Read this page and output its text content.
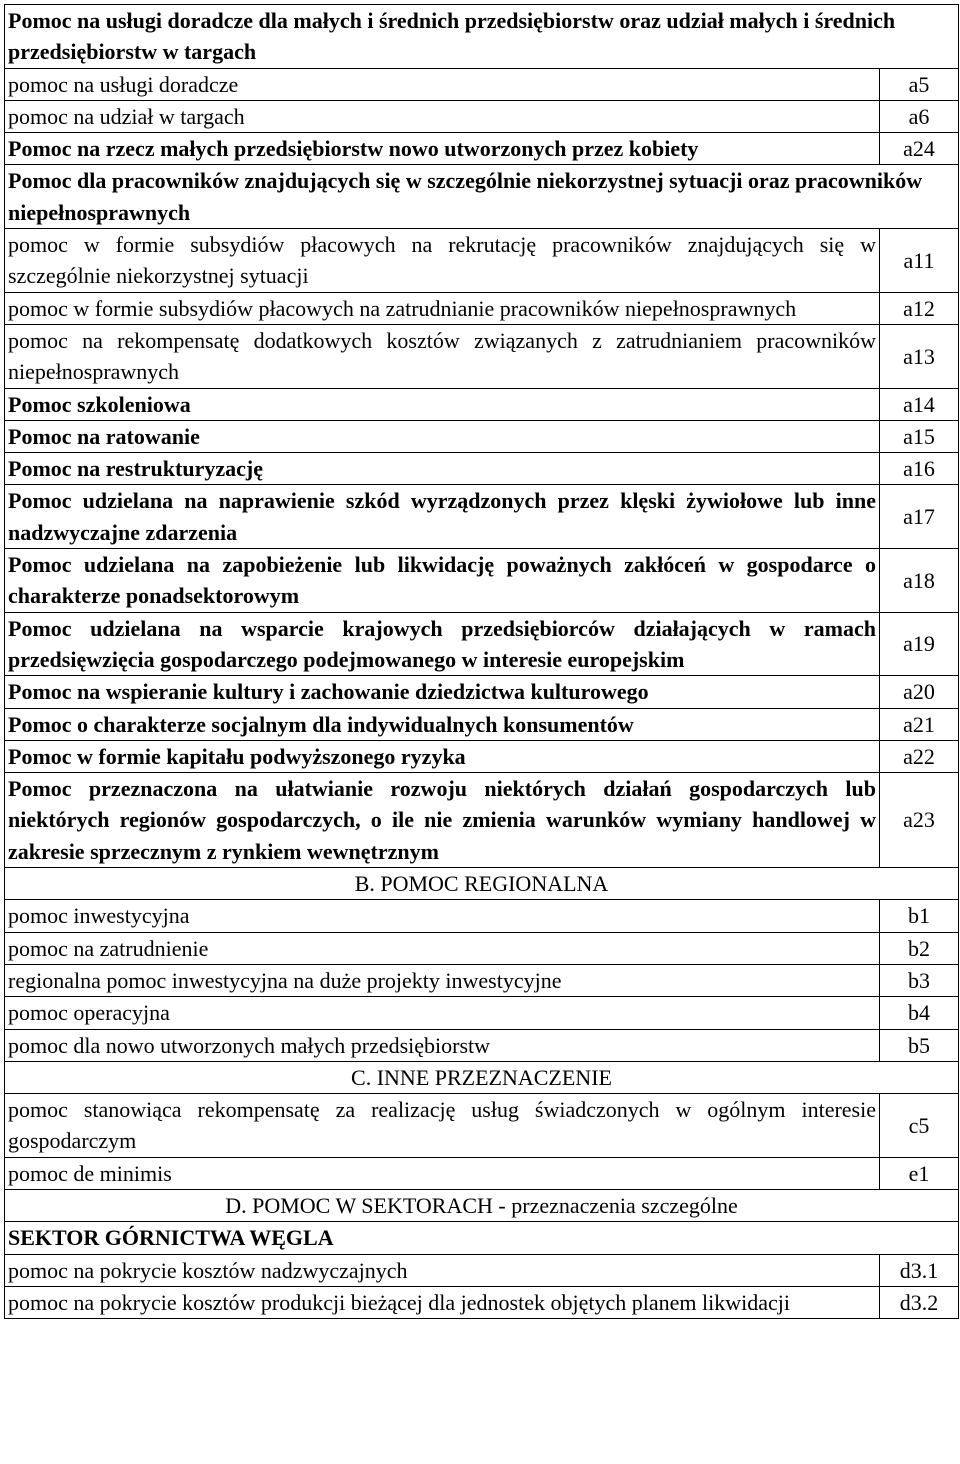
Pomoc na usługi doradcze dla małych i średnich przedsiębiorstw oraz udział małych i średnich przedsiębiorstw w targach	
pomoc na usługi doradcze	a5
pomoc na udział w targach	a6
Pomoc na rzecz małych przedsiębiorstw nowo utworzonych przez kobiety	a24
Pomoc dla pracowników znajdujących się w szczególnie niekorzystnej sytuacji oraz pracowników niepełnosprawnych	
pomoc w formie subsydiów płacowych na rekrutację pracowników znajdujących się w szczególnie niekorzystnej sytuacji	a11
pomoc w formie subsydiów płacowych na zatrudnianie pracowników niepełnosprawnych	a12
pomoc na rekompensatę dodatkowych kosztów związanych z zatrudnianiem pracowników niepełnosprawnych	a13
Pomoc szkoleniowa	a14
Pomoc na ratowanie	a15
Pomoc na restrukturyzację	a16
Pomoc udzielana na naprawienie szkód wyrządzonych przez klęski żywiołowe lub inne nadzwyczajne zdarzenia	a17
Pomoc udzielana na zapobieżenie lub likwidację poważnych zakłóceń w gospodarce o charakterze ponadsektorowym	a18
Pomoc udzielana na wsparcie krajowych przedsiębiorców działających w ramach przedsięwzięcia gospodarczego podejmowanego w interesie europejskim	a19
Pomoc na wspieranie kultury i zachowanie dziedzictwa kulturowego	a20
Pomoc o charakterze socjalnym dla indywidualnych konsumentów	a21
Pomoc w formie kapitału podwyższonego ryzyka	a22
Pomoc przeznaczona na ułatwianie rozwoju niektórych działań gospodarczych lub niektórych regionów gospodarczych, o ile nie zmienia warunków wymiany handlowej w zakresie sprzecznym z rynkiem wewnętrznym	a23
B. POMOC REGIONALNA	
pomoc inwestycyjna	b1
pomoc na zatrudnienie	b2
regionalna pomoc inwestycyjna na duże projekty inwestycyjne	b3
pomoc operacyjna	b4
pomoc dla nowo utworzonych małych przedsiębiorstw	b5
C. INNE PRZEZNACZENIE	
pomoc stanowiąca rekompensatę za realizację usług świadczonych w ogólnym interesie gospodarczym	c5
pomoc de minimis	e1
D. POMOC W SEKTORACH - przeznaczenia szczególne	
SEKTOR GÓRNICTWA WĘGLA	
pomoc na pokrycie kosztów nadzwyczajnych	d3.1
pomoc na pokrycie kosztów produkcji bieżącej dla jednostek objętych planem likwidacji	d3.2
